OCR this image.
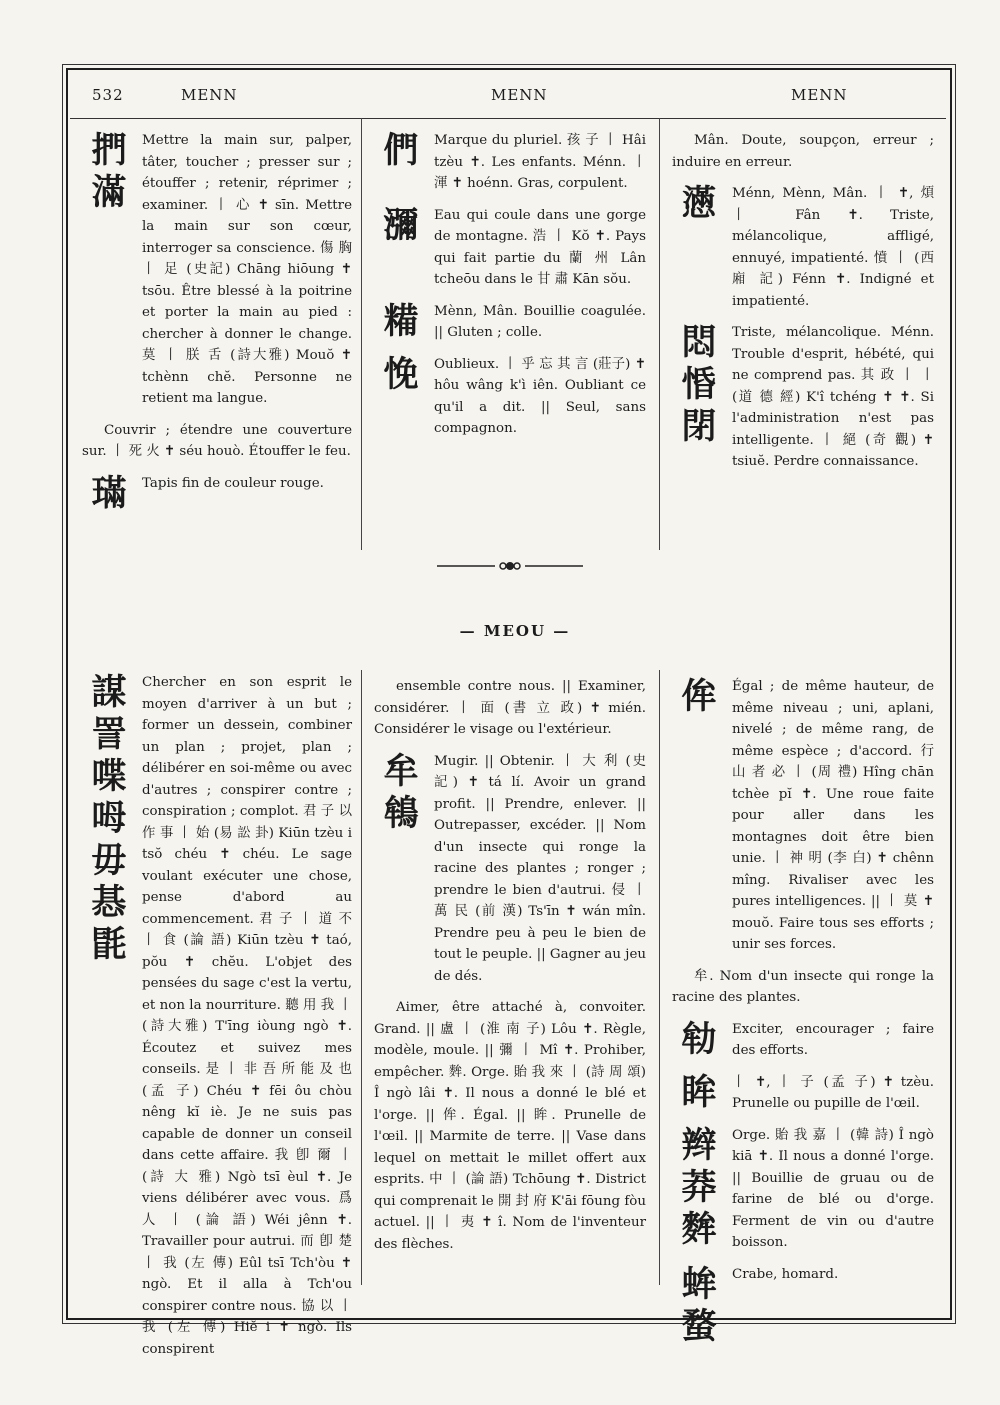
532	MENN	MENN	MENN
捫
滿
Mettre la main sur, palper, tâter, toucher ; presser sur ; étouffer ; retenir, réprimer ; examiner. 丨 心 ✝ sīn. Mettre la main sur son cœur, interroger sa conscience. 傷 胸 丨 足 (史記) Chāng hiōung ✝ tsōu. Être blessé à la poitrine et porter la main au pied : chercher à donner le change. 莫 丨 朕 舌 (詩大雅) Mouŏ ✝ tchènn chĕ. Personne ne retient ma langue.
Couvrir ; étendre une couverture sur. 丨 死 火 ✝ séu houò. Étouffer le feu.
璊	Tapis fin de couleur rouge.
們	Marque du pluriel. 孩 子 丨 Hâi tzèu ✝. Les enfants. Ménn. 丨 渾 ✝ hoénn. Gras, corpulent.
瀰	Eau qui coule dans une gorge de montagne. 浩 丨 Kŏ ✝. Pays qui fait partie du 蘭 州 Lân tcheōu dans le 甘 肅 Kān sŏu.
糒	Mènn, Mân. Bouillie coagulée. || Gluten ; colle.
悗	Oublieux. 丨 乎 忘 其 言 (莊子) ✝ hôu wâng k'ì iên. Oubliant ce qu'il a dit. || Seul, sans compagnon.
Mân. Doute, soupçon, erreur ; induire en erreur.
懣	Ménn, Mènn, Mân. 丨 ✝, 煩 丨 Fân ✝. Triste, mélancolique, affligé, ennuyé, impatienté. 憤 丨 (西 廂 記) Fénn ✝. Indigné et impatienté.
悶
惛
閉
Triste, mélancolique. Ménn. Trouble d'esprit, hébété, qui ne comprend pas. 其 政 丨 丨 (道 德 經) K'î tchéng ✝ ✝. Si l'administration n'est pas intelligente. 丨 絕 (奇 觀) ✝ tsiuĕ. Perdre connaissance.
— MEOU —
謀
詈
喋
呣
毋
惎
毷
Chercher en son esprit le moyen d'arriver à un but ; former un dessein, combiner un plan ; projet, plan ; délibérer en soi-même ou avec d'autres ; conspirer contre ; conspiration ; complot. 君 子 以 作 事 丨 始 (易 訟 卦) Kiūn tzèu i tsŏ chéu ✝ chéu. Le sage voulant exécuter une chose, pense d'abord au commencement. 君 子 丨 道 不 丨 食 (論 語) Kiūn tzèu ✝ taó, pŏu ✝ chĕu. L'objet des pensées du sage c'est la vertu, et non la nourriture. 聽 用 我 丨 (詩大雅) T'īng iòung ngò ✝. Écoutez et suivez mes conseils. 是 丨 非 吾 所 能 及 也 (孟 子) Chéu ✝ fēi ôu chòu nêng kĭ iè. Je ne suis pas capable de donner un conseil dans cette affaire. 我 卽 爾 丨 (詩 大 雅) Ngò tsī èul ✝. Je viens délibérer avec vous. 爲 人 丨 (論 語) Wéi jênn ✝. Travailler pour autrui. 而 卽 楚 丨 我 (左 傳) Eûl tsī Tch'òu ✝ ngò. Et il alla à Tch'ou conspirer contre nous. 協 以 丨 我 (左 傳) Hiĕ i ✝ ngò. Ils conspirent
ensemble contre nous. || Examiner, considérer. 丨 面 (書 立 政) ✝ mién. Considérer le visage ou l'extérieur.
牟
鴾
Mugir. || Obtenir. 丨 大 利 (史 記) ✝ tá lí. Avoir un grand profit. || Prendre, enlever. || Outrepasser, excéder. || Nom d'un insecte qui ronge la racine des plantes ; ronger ; prendre le bien d'autrui. 侵 丨 萬 民 (前 漢) Ts'īn ✝ wán mîn. Prendre peu à peu le bien de tout le peuple. || Gagner au jeu de dés.
Aimer, être attaché à, convoiter. Grand. || 盧 丨 (淮 南 子) Lôu ✝. Règle, modèle, moule. || 彌 丨 Mî ✝. Prohiber, empêcher. 麰. Orge. 貽 我 來 丨 (詩 周 頌) Î ngò lâi ✝. Il nous a donné le blé et l'orge. || 侔. Égal. || 眸. Prunelle de l'œil. || Marmite de terre. || Vase dans lequel on mettait le millet offert aux esprits. 中 丨 (論 語) Tchōung ✝. District qui comprenait le 開 封 府 K'āi fōung fòu actuel. || 丨 夷 ✝ î. Nom de l'inventeur des flèches.
侔	Égal ; de même hauteur, de même niveau ; uni, aplani, nivelé ; de même rang, de même espèce ; d'accord. 行 山 者 必 丨 (周 禮) Hîng chān tchèe pĭ ✝. Une roue faite pour aller dans les montagnes doit être bien unie. 丨 神 明 (李 白) ✝ chênn mîng. Rivaliser avec les pures intelligences. || 丨 莫 ✝ mouŏ. Faire tous ses efforts ; unir ses forces.
牟. Nom d'un insecte qui ronge la racine des plantes.
劺	Exciter, encourager ; faire des efforts.
眸	丨 ✝, 丨 子 (孟 子) ✝ tzèu. Prunelle ou pupille de l'œil.
辫
莽
麰
Orge. 貽 我 嘉 丨 (韓 詩) Î ngò kiā ✝. Il nous a donné l'orge. || Bouillie de gruau ou de farine de blé ou d'orge. Ferment de vin ou d'autre boisson.
蛑
蝥
Crabe, homard.
